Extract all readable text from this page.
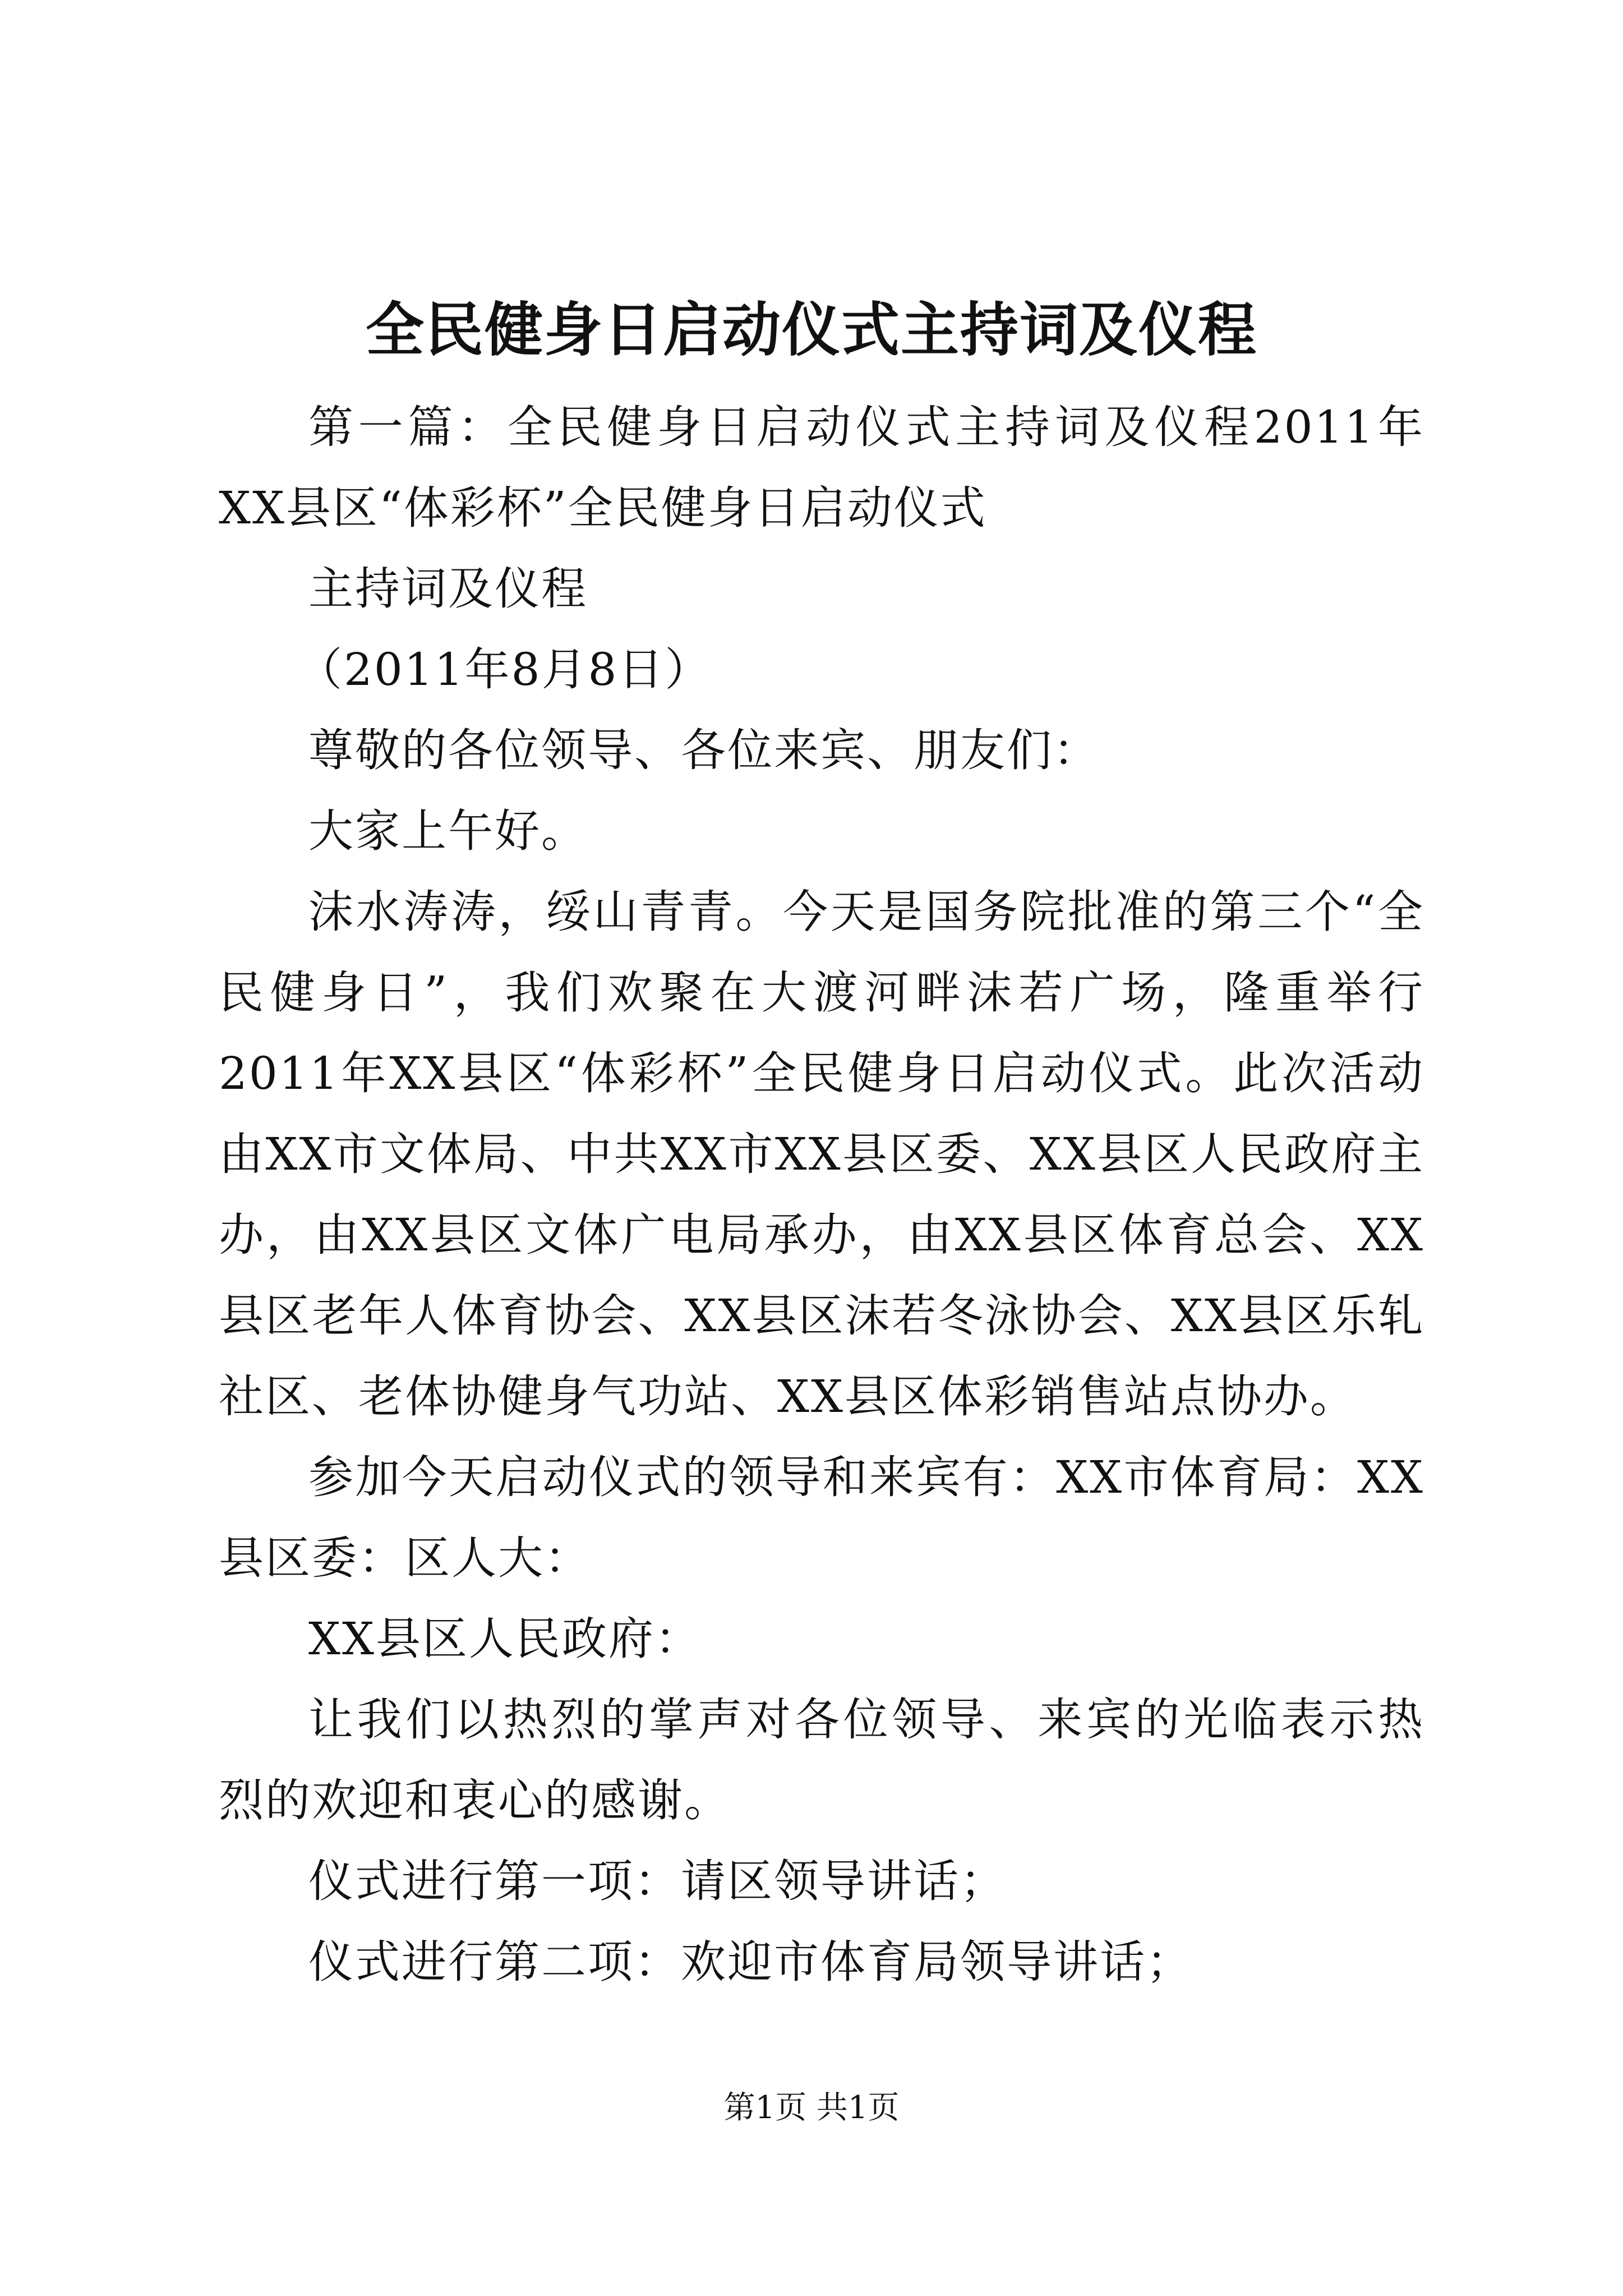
全民健身日启动仪式主持词及仪程

第一篇：全民健身日启动仪式主持词及仪程2011年XX县区“体彩杯”全民健身日启动仪式

主持词及仪程

（2011年8月8日）

尊敬的各位领导、各位来宾、朋友们：

大家上午好。

沫水涛涛，绥山青青。今天是国务院批准的第三个“全民健身日”，我们欢聚在大渡河畔沫若广场，隆重举行2011年XX县区“体彩杯”全民健身日启动仪式。此次活动由XX市文体局、中共XX市XX县区委、XX县区人民政府主办，由XX县区文体广电局承办，由XX县区体育总会、XX县区老年人体育协会、XX县区沫若冬泳协会、XX县区乐轧社区、老体协健身气功站、XX县区体彩销售站点协办。

参加今天启动仪式的领导和来宾有：XX市体育局：XX县区委：区人大：

XX县区人民政府：

让我们以热烈的掌声对各位领导、来宾的光临表示热烈的欢迎和衷心的感谢。

仪式进行第一项：请区领导讲话；

仪式进行第二项：欢迎市体育局领导讲话；

第1页 共1页
